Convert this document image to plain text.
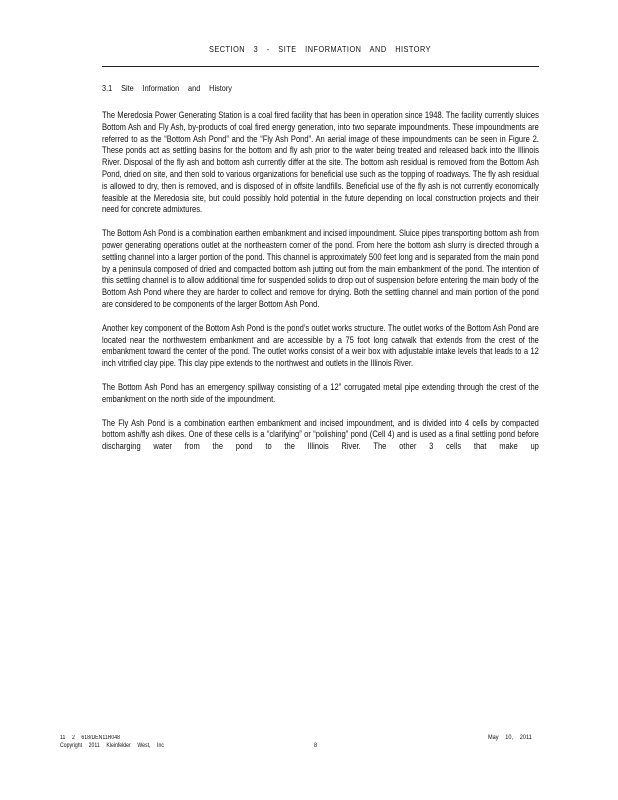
SECTION 3 - SITE INFORMATION AND HISTORY
3.1 Site Information and History

The Meredosia Power Generating Station is a coal fired facility that has been in operation since 1948. The facility currently sluices Bottom Ash and Fly Ash, by-products of coal fired energy generation, into two separate impoundments. These impoundments are referred to as the “Bottom Ash Pond” and the “Fly Ash Pond”. An aerial image of these impoundments can be seen in Figure 2. These ponds act as settling basins for the bottom and fly ash prior to the water being treated and released back into the Illinois River. Disposal of the fly ash and bottom ash currently differ at the site. The bottom ash residual is removed from the Bottom Ash Pond, dried on site, and then sold to various organizations for beneficial use such as the topping of roadways. The fly ash residual is allowed to dry, then is removed, and is disposed of in offsite landfills. Beneficial use of the fly ash is not currently economically feasible at the Meredosia site, but could possibly hold potential in the future depending on local construction projects and their need for concrete admixtures.

The Bottom Ash Pond is a combination earthen embankment and incised impoundment. Sluice pipes transporting bottom ash from power generating operations outlet at the northeastern corner of the pond. From here the bottom ash slurry is directed through a settling channel into a larger portion of the pond. This channel is approximately 500 feet long and is separated from the main pond by a peninsula composed of dried and compacted bottom ash jutting out from the main embankment of the pond. The intention of this settling channel is to allow additional time for suspended solids to drop out of suspension before entering the main body of the Bottom Ash Pond where they are harder to collect and remove for drying. Both the settling channel and main portion of the pond are considered to be components of the larger Bottom Ash Pond.

Another key component of the Bottom Ash Pond is the pond’s outlet works structure. The outlet works of the Bottom Ash Pond are located near the northwestern embankment and are accessible by a 75 foot long catwalk that extends from the crest of the embankment toward the center of the pond. The outlet works consist of a weir box with adjustable intake levels that leads to a 12 inch vitrified clay pipe. This clay pipe extends to the northwest and outlets in the Illinois River.

The Bottom Ash Pond has an emergency spillway consisting of a 12” corrugated metal pipe extending through the crest of the embankment on the north side of the impoundment.

The Fly Ash Pond is a combination earthen embankment and incised impoundment, and is divided into 4 cells by compacted bottom ash/fly ash dikes. One of these cells is a “clarifying” or “polishing” pond (Cell 4) and is used as a final settling pond before discharging water from the pond to the Illinois River. The other 3 cells that make up

11 2 618/DEN11R048
Copyright 2011 Kleinfelder West, Inc	8
May 10, 2011
